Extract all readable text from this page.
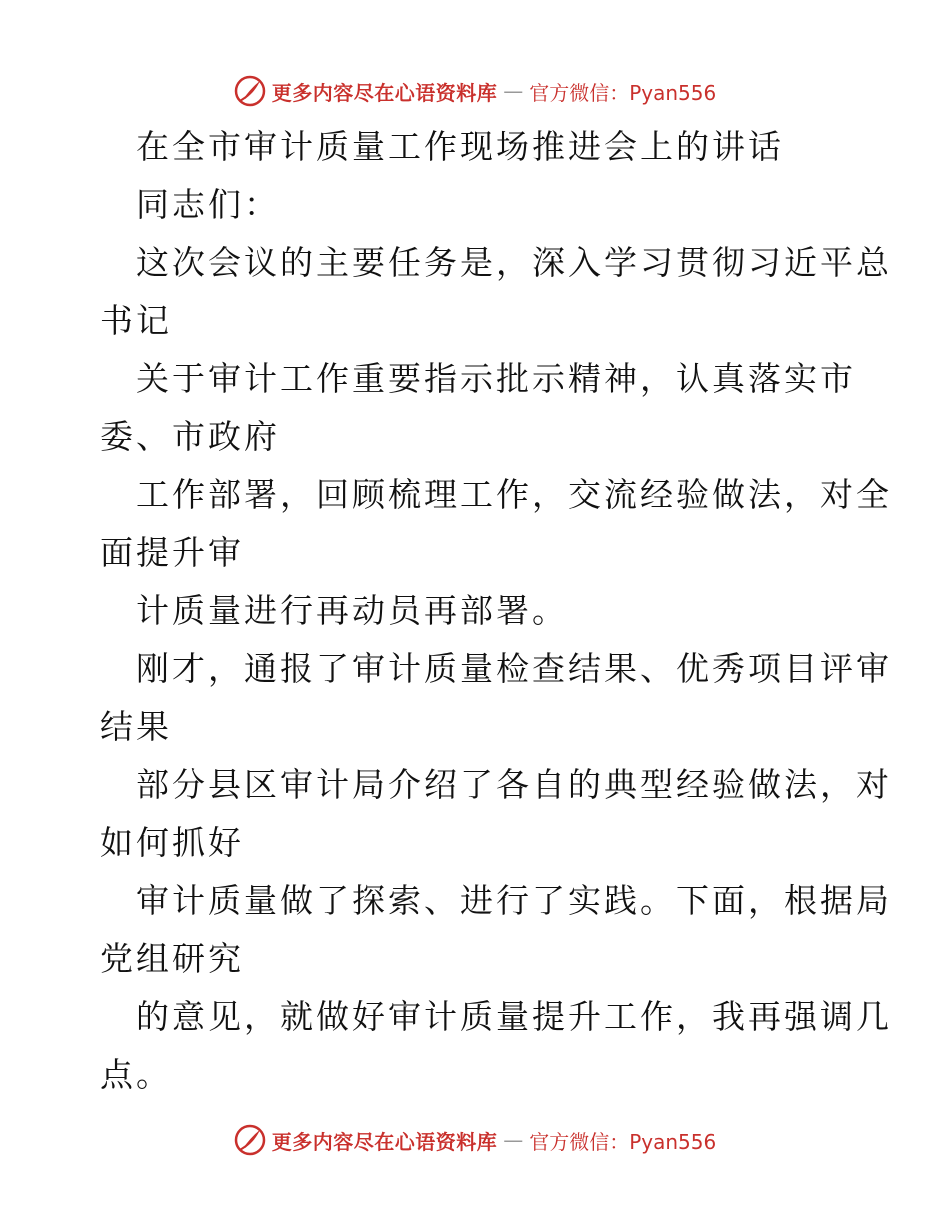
更多内容尽在心语资料库 — 官方微信：Pyan556
在全市审计质量工作现场推进会上的讲话
同志们：
这次会议的主要任务是，深入学习贯彻习近平总
书记
关于审计工作重要指示批示精神，认真落实市
委、市政府
工作部署，回顾梳理工作，交流经验做法，对全
面提升审
计质量进行再动员再部署。
刚才，通报了审计质量检查结果、优秀项目评审
结果
部分县区审计局介绍了各自的典型经验做法，对
如何抓好
审计质量做了探索、进行了实践。下面，根据局
党组研究
的意见，就做好审计质量提升工作，我再强调几
点。
更多内容尽在心语资料库 — 官方微信：Pyan556
